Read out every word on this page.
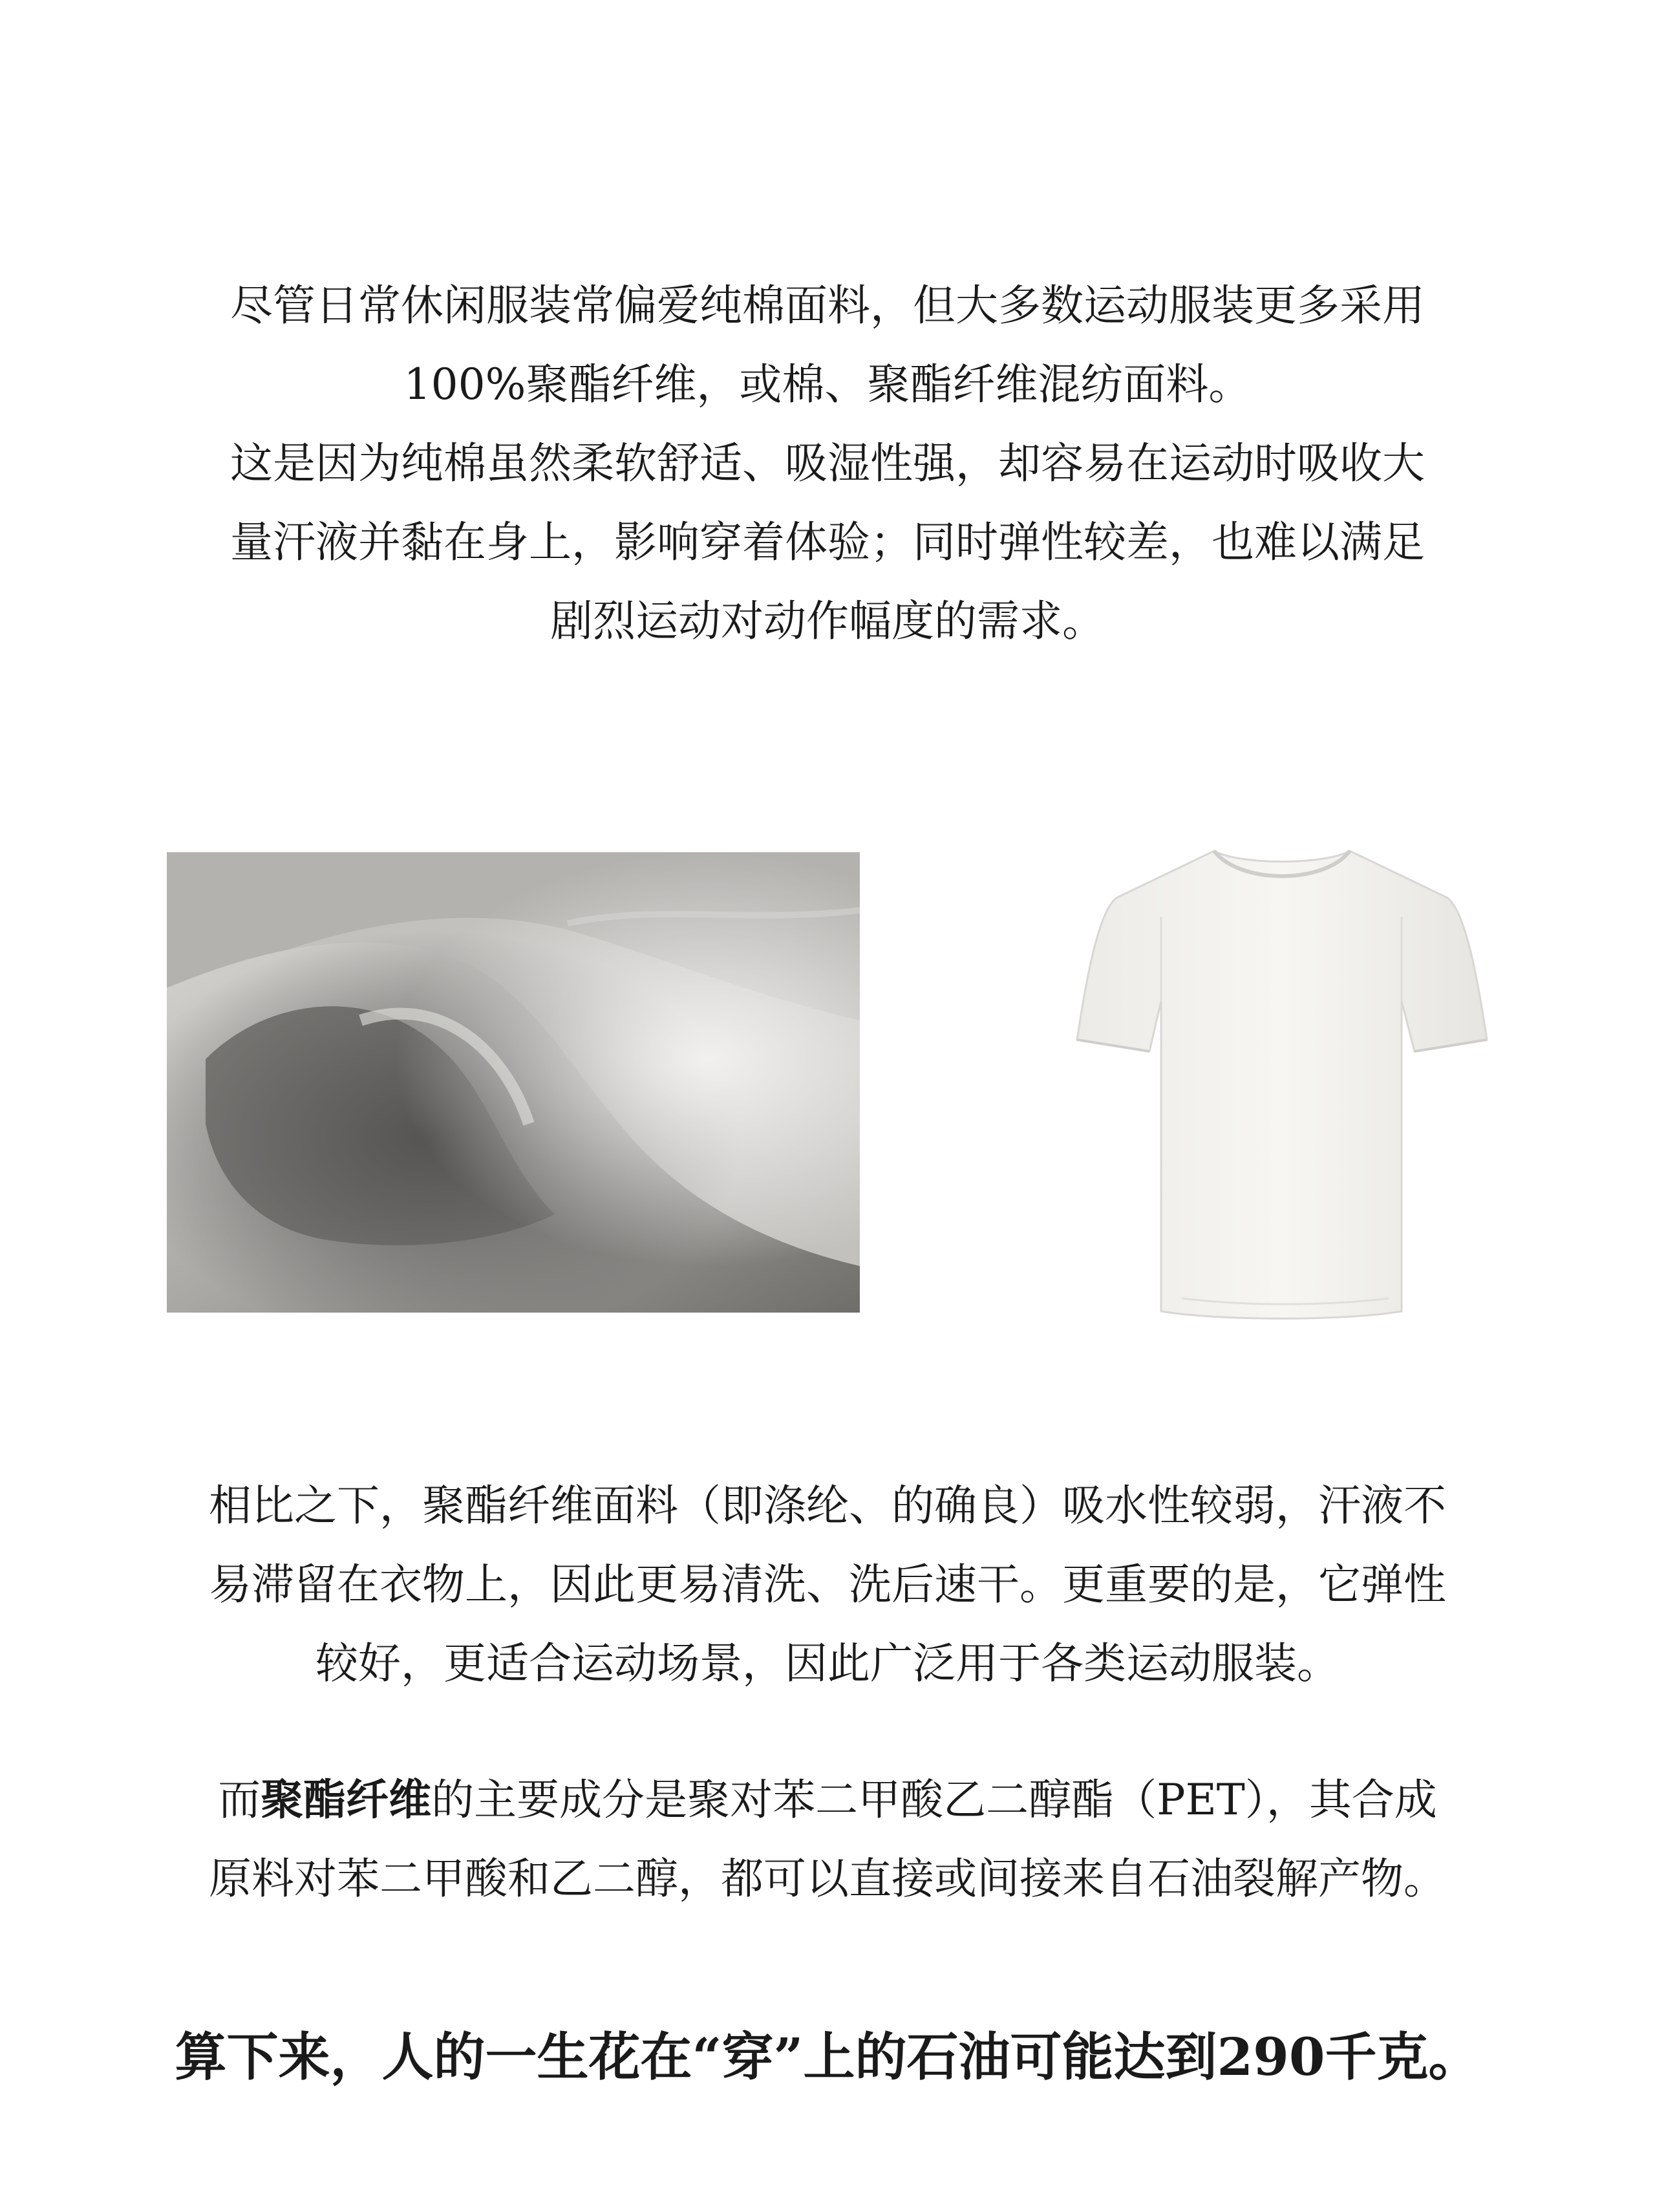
尽管日常休闲服装常偏爱纯棉面料，但大多数运动服装更多采用
100%聚酯纤维，或棉、聚酯纤维混纺面料。
这是因为纯棉虽然柔软舒适、吸湿性强，却容易在运动时吸收大
量汗液并黏在身上，影响穿着体验；同时弹性较差，也难以满足
剧烈运动对动作幅度的需求。

相比之下，聚酯纤维面料（即涤纶、的确良）吸水性较弱，汗液不
易滞留在衣物上，因此更易清洗、洗后速干。更重要的是，它弹性
较好，更适合运动场景，因此广泛用于各类运动服装。

而聚酯纤维的主要成分是聚对苯二甲酸乙二醇酯（PET），其合成
原料对苯二甲酸和乙二醇，都可以直接或间接来自石油裂解产物。

算下来，人的一生花在“穿”上的石油可能达到290千克。
